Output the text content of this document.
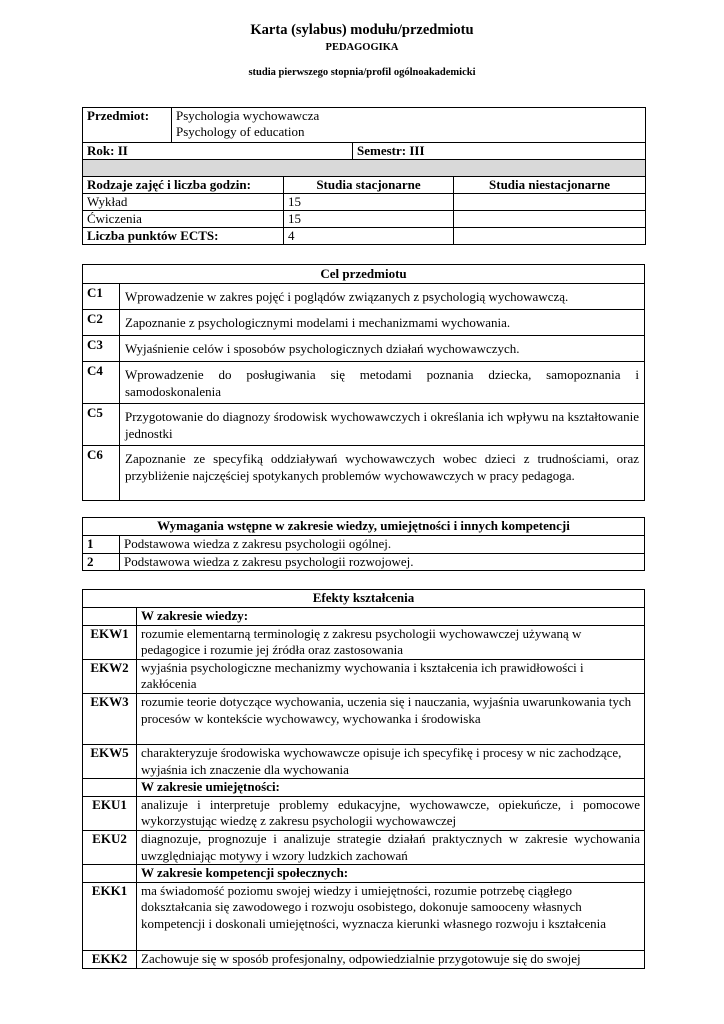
Karta (sylabus) modułu/przedmiotu
PEDAGOGIKA
studia pierwszego stopnia/profil ogólnoakademicki
Przedmiot:	Psychologia wychowawcza
Psychology of education			

Rok: II			Semestr: III	

Rodzaje zajęć i liczba godzin:		Studia stacjonarne		Studia niestacjonarne
Wykład		15		
Ćwiczenia		15		
Liczba punktów ECTS:		4		
Cel przedmiotu	
C1	Wprowadzenie w zakres pojęć i poglądów związanych z psychologią wychowawczą.
C2	Zapoznanie z psychologicznymi modelami i mechanizmami wychowania.
C3	Wyjaśnienie celów i sposobów psychologicznych działań wychowawczych.
C4	Wprowadzenie do posługiwania się metodami poznania dziecka, samopoznania i samodoskonalenia
C5	Przygotowanie do diagnozy środowisk wychowawczych i określania ich wpływu na kształtowanie jednostki
C6	Zapoznanie ze specyfiką oddziaływań wychowawczych wobec dzieci z trudnościami, oraz przybliżenie najczęściej spotykanych problemów wychowawczych w pracy pedagoga.
Wymagania wstępne w zakresie wiedzy, umiejętności i innych kompetencji	
1	Podstawowa wiedza z zakresu psychologii ogólnej.
2	Podstawowa wiedza z zakresu psychologii rozwojowej.
Efekty kształcenia	
	W zakresie wiedzy:
EKW1	rozumie elementarną terminologię z zakresu psychologii wychowawczej używaną w pedagogice i rozumie jej źródła oraz zastosowania
EKW2	wyjaśnia psychologiczne mechanizmy wychowania i kształcenia ich prawidłowości i zakłócenia
EKW3	rozumie teorie dotyczące wychowania, uczenia się i nauczania, wyjaśnia uwarunkowania tych procesów w kontekście wychowawcy, wychowanka i środowiska
EKW5	charakteryzuje środowiska wychowawcze opisuje ich specyfikę i procesy w nic zachodzące, wyjaśnia ich znaczenie dla wychowania
	W zakresie umiejętności:
EKU1	analizuje i interpretuje problemy edukacyjne, wychowawcze, opiekuńcze, i pomocowe wykorzystując wiedzę z zakresu psychologii wychowawczej
EKU2	diagnozuje, prognozuje i analizuje strategie działań praktycznych w zakresie wychowania uwzględniając motywy i wzory ludzkich zachowań
	W zakresie kompetencji społecznych:
EKK1	ma świadomość poziomu swojej wiedzy i umiejętności, rozumie potrzebę ciągłego dokształcania się zawodowego i rozwoju osobistego, dokonuje samooceny własnych kompetencji i doskonali umiejętności, wyznacza kierunki własnego rozwoju i kształcenia
EKK2	Zachowuje się w sposób profesjonalny, odpowiedzialnie przygotowuje się do swojej
